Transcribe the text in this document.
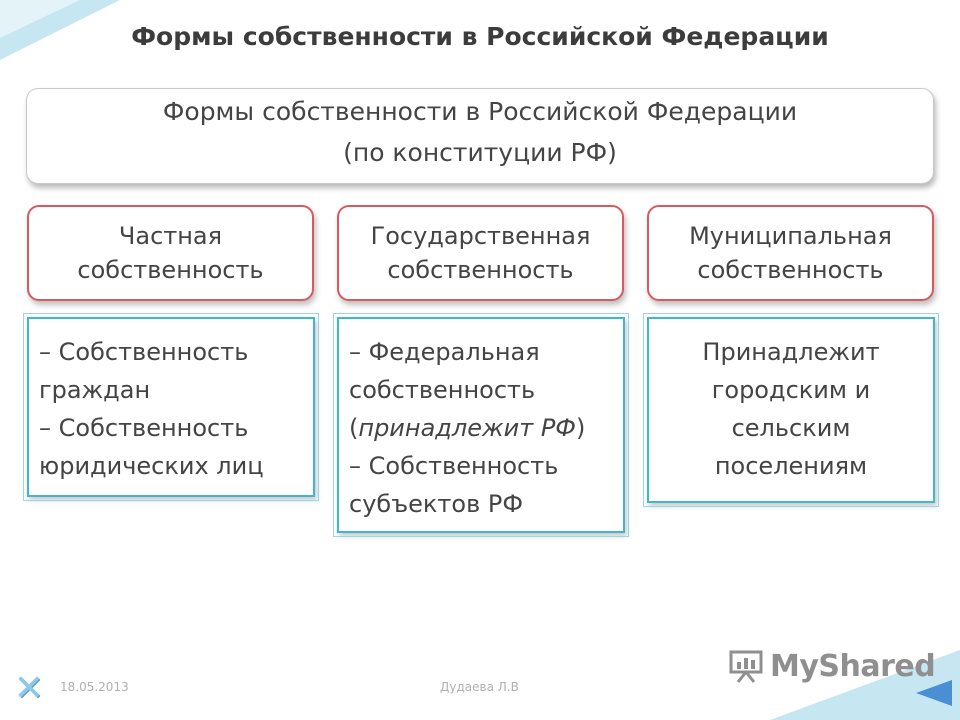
Формы собственности в Российской Федерации
Формы собственности в Российской Федерации
(по конституции РФ)
Частная
собственность
Государственная
собственность
Муниципальная
собственность
– Собственность
граждан
– Собственность
юридических лиц
– Федеральная
собственность
(принадлежит РФ)
– Собственность
субъектов РФ
Принадлежит
городским и
сельским
поселениям
MyShared
✕	18.05.2013	Дудаева Л.В
